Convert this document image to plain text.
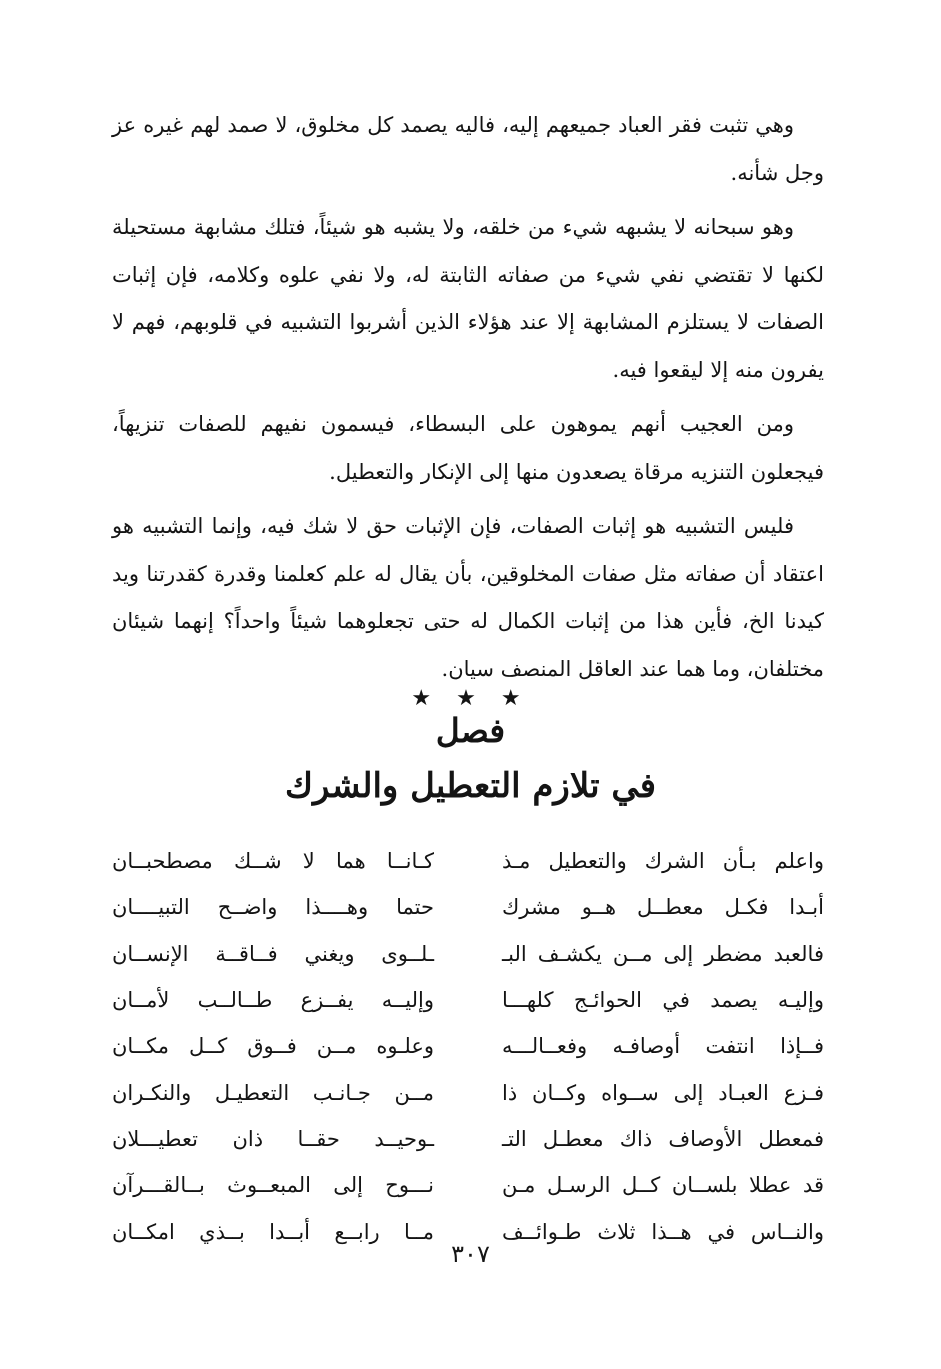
وهي تثبت فقر العباد جميعهم إليه، فاليه يصمد كل مخلوق، لا صمد لهم غيره عز وجل شأنه.

وهو سبحانه لا يشبهه شيء من خلقه، ولا يشبه هو شيئاً، فتلك مشابهة مستحيلة لكنها لا تقتضي نفي شيء من صفاته الثابتة له، ولا نفي علوه وكلامه، فإن إثبات الصفات لا يستلزم المشابهة إلا عند هؤلاء الذين أشربوا التشبيه في قلوبهم، فهم لا يفرون منه إلا ليقعوا فيه.

ومن العجيب أنهم يموهون على البسطاء، فيسمون نفيهم للصفات تنزيهاً، فيجعلون التنزيه مرقاة يصعدون منها إلى الإنكار والتعطيل.

فليس التشبيه هو إثبات الصفات، فإن الإثبات حق لا شك فيه، وإنما التشبيه هو اعتقاد أن صفاته مثل صفات المخلوقين، بأن يقال له علم كعلمنا وقدرة كقدرتنا ويد كيدنا الخ، فأين هذا من إثبات الكمال له حتى تجعلوهما شيئاً واحداً؟ إنهما شيئان مختلفان، وما هما عند العاقل المنصف سيان.

★ ★ ★
فصل
في تلازم التعطيل والشرك
واعلم بـأن الشرك والتعطيل مـذ
كـانــا هما لا شــك مصطحبــان
أبـدا فكـل معطــل هــو مشرك
حتما وهــــذا واضــح التبيــــان
فالعبد مضطر إلى مــن يكشـف البـ
ـلــوى ويغني فــاقــة الإنســان
وإليـه يصمد في الحوائـج كلهـــا
وإليــه يفــزع طــالــب لأمــان
فــإذا انتفت أوصافـه وفعــالـــه
وعلـوه مــن فــوق كــل مكــان
فـزع العبـاد إلى ســواه وكــان ذا
مــن جـانـب التعطيـل والنكـران
فمعطل الأوصاف ذاك معطـل التـ
ـوحيــد حقــا ذان تعطيـــلان
قد عطلا بلســان كــل الرسـل مـن
نـــوح إلى المبعــوث بــالقـــرآن
والنــاس في هــذا ثلاث طـوائــف
مــا رابــع أبــدا بــذي امكــان
٣٠٧
